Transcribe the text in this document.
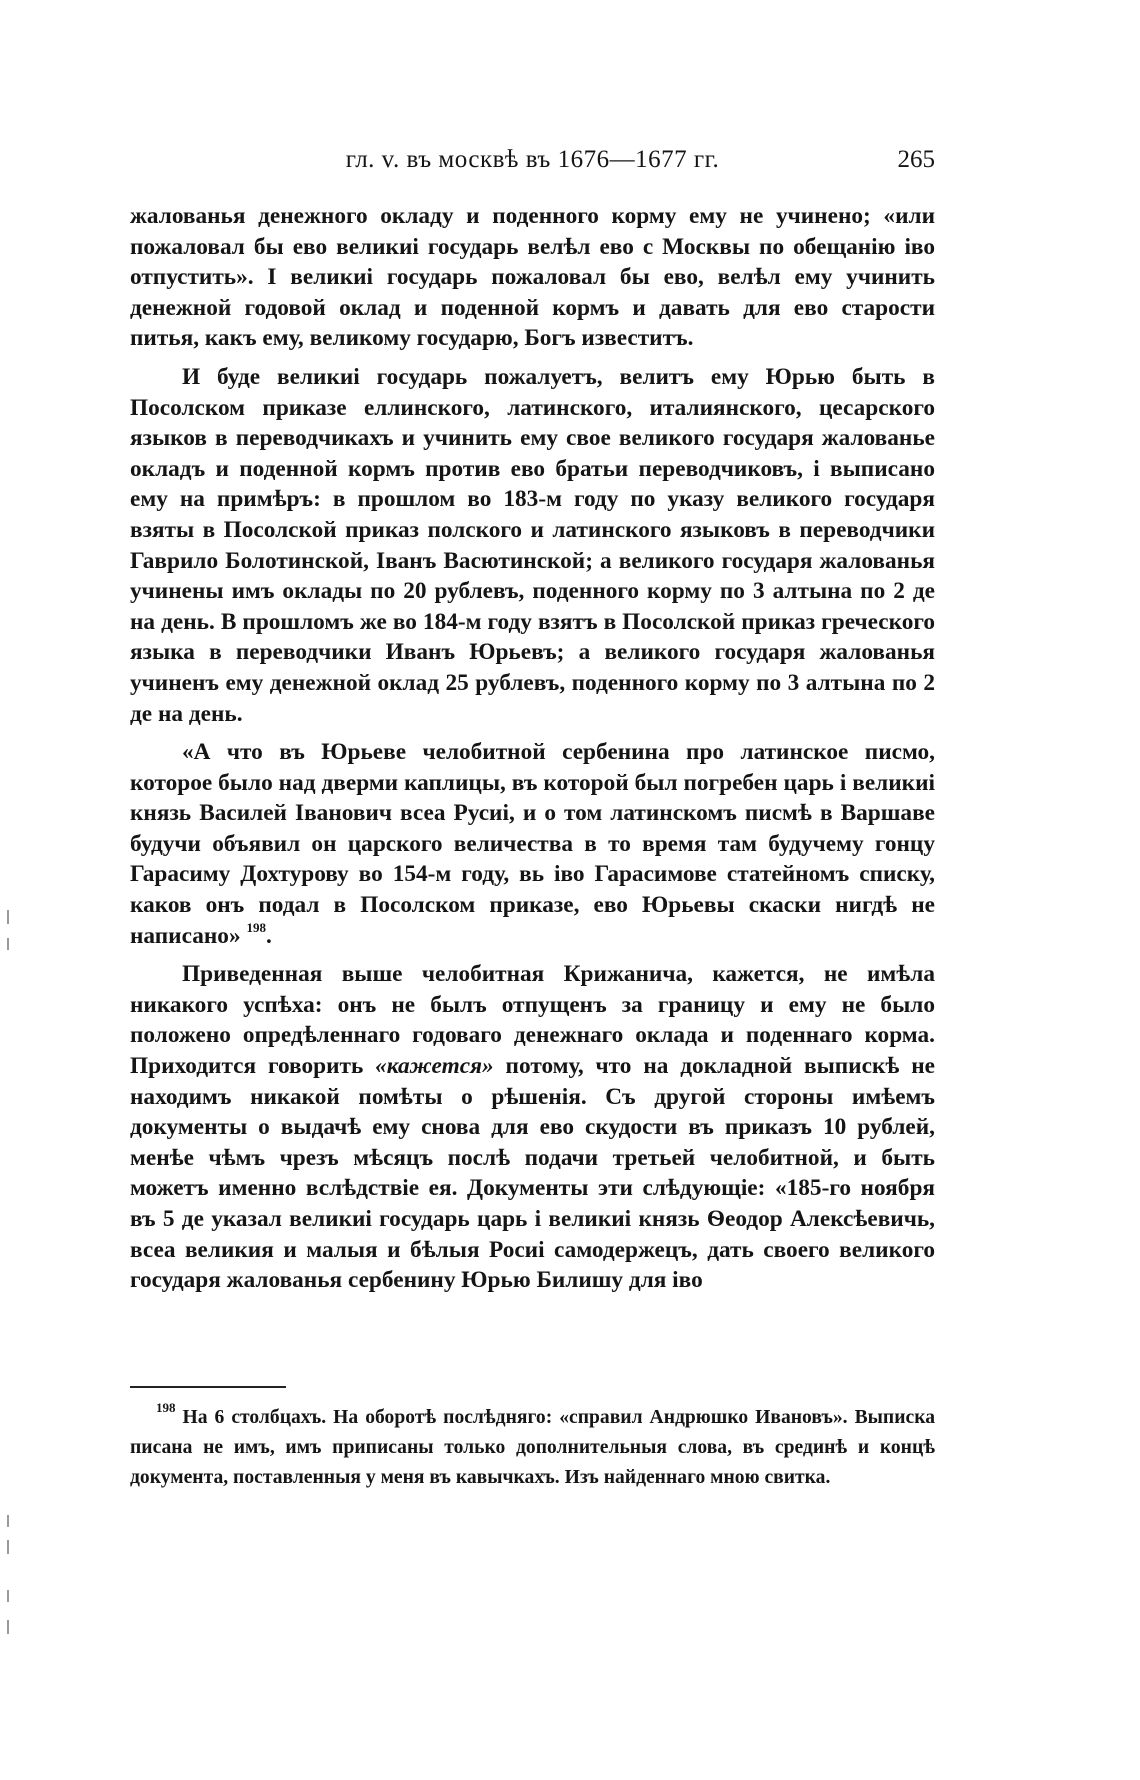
гл. v. въ москвѣ въ 1676—1677 гг.	265

жалованья денежного окладу и поденного корму ему не учинено; «или пожаловал бы ево великиі государь велѣл ево с Москвы по обещанію іво отпустить». І великиі государь пожаловал бы ево, велѣл ему учинить денежной годовой оклад и поденной кормъ и давать для ево старости питья, какъ ему, великому государю, Богъ известитъ.

И буде великиі государь пожалуетъ, велитъ ему Юрью быть в Посолском приказе еллинского, латинского, италиянского, цесарского языков в переводчикахъ и учинить ему свое великого государя жалованье окладъ и поденной кормъ против ево братьи переводчиковъ, і выписано ему на примѣръ: в прошлом во 183-м году по указу великого государя взяты в Посолской приказ полского и латинского языковъ в переводчики Гаврило Болотинской, Іванъ Васютинской; а великого государя жалованья учинены имъ оклады по 20 рублевъ, поденного корму по 3 алтына по 2 де на день. В прошломъ же во 184-м году взятъ в Посолской приказ греческого языка в переводчики Иванъ Юрьевъ; а великого государя жалованья учиненъ ему денежной оклад 25 рублевъ, поденного корму по 3 алтына по 2 де на день.

«А что въ Юрьеве челобитной сербенина про латинское писмо, которое было над дверми каплицы, въ которой был погребен царь і великиі князь Василей Іванович всеа Русиі, и о том латинскомъ писмѣ в Варшаве будучи объявил он царского величества в то время там будучему гонцу Гарасиму Дохтурову во 154-м году, вь іво Гарасимове статейномъ списку, каков онъ подал в Посолском приказе, ево Юрьевы скаски нигдѣ не написано» $^{198}$.

Приведенная выше челобитная Крижанича, кажется, не имѣла никакого успѣха: онъ не былъ отпущенъ за границу и ему не было положено опредѣленнаго годоваго денежнаго оклада и поденнаго корма. Приходится говорить «кажется» потому, что на докладной выпискѣ не находимъ никакой помѣты о рѣшенія. Съ другой стороны имѣемъ документы о выдачѣ ему снова для ево скудости въ приказъ 10 рублей, менѣе чѣмъ чрезъ мѣсяцъ послѣ подачи третьей челобитной, и быть можетъ именно вслѣдствіе ея. Документы эти слѣдующіе: «185-го ноября въ 5 де указал великиі государь царь і великиі князь Ѳеодор Алексѣевичь, всеа великия и малыя и бѣлыя Росиі самодержецъ, дать своего великого государя жалованья сербенину Юрью Билишу для іво

$^{198}$ На 6 столбцахъ. На оборотѣ послѣдняго: «справил Андрюшко Ивановъ». Выписка писана не имъ, имъ приписаны только дополнительныя слова, въ срединѣ и концѣ документа, поставленныя у меня въ кавычкахъ. Изъ найденнаго мною свитка.
